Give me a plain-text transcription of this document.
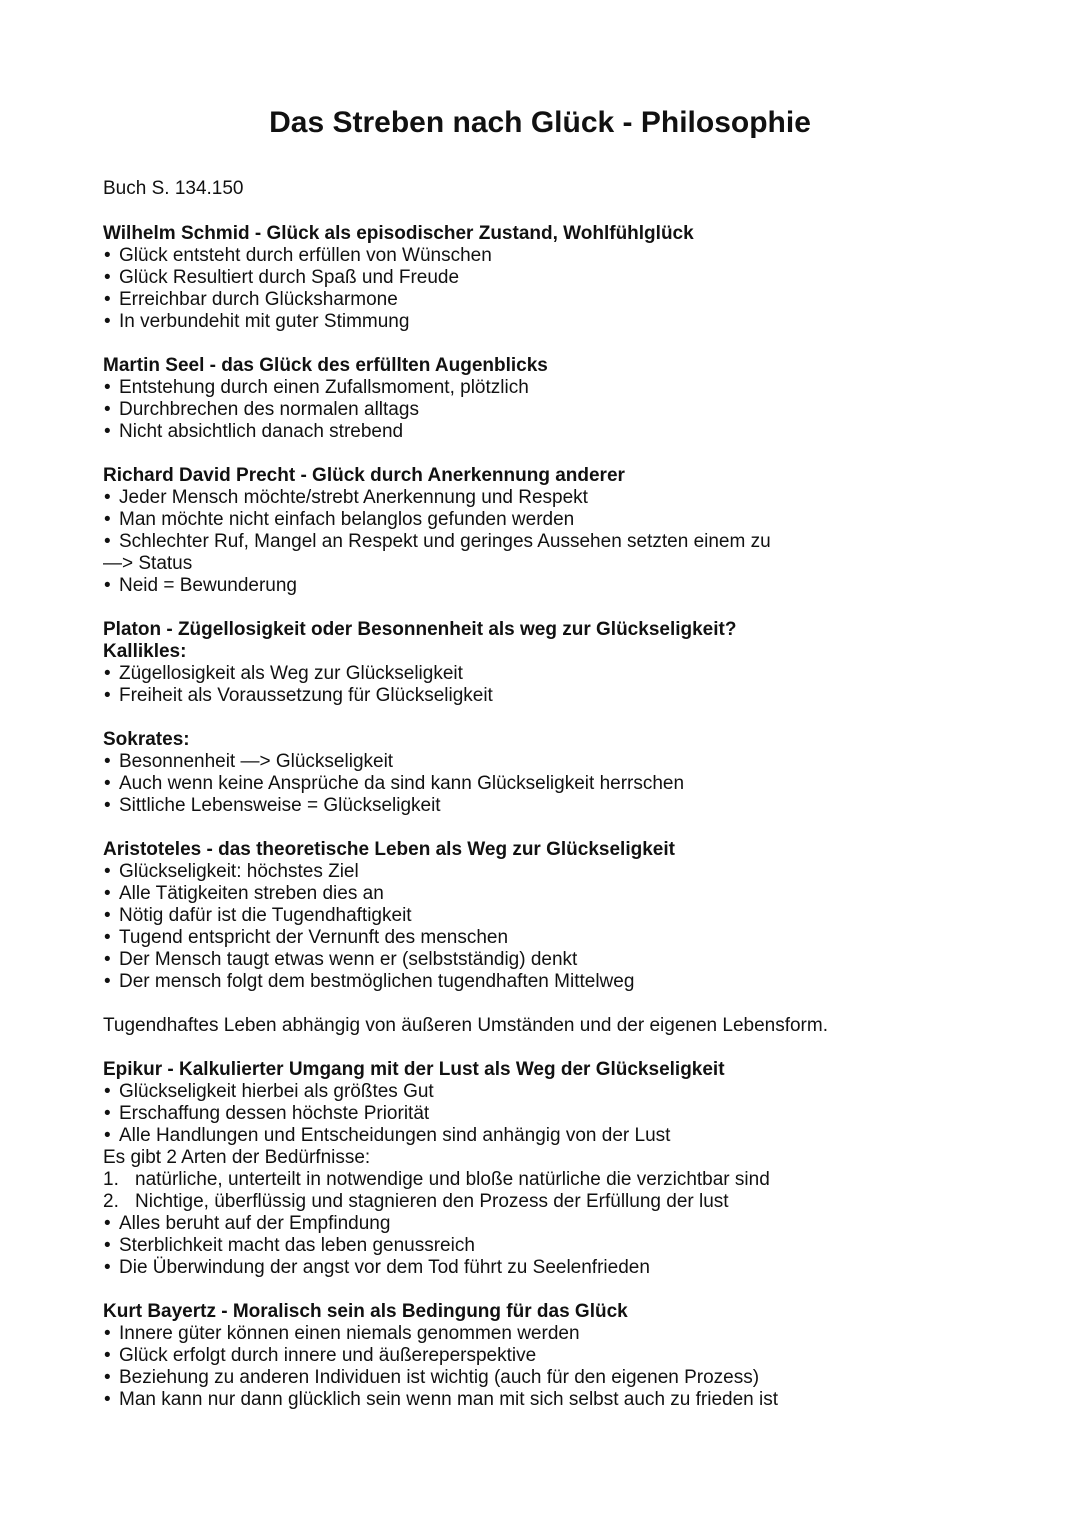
Das Streben nach Glück - Philosophie

Buch S. 134.150

Wilhelm Schmid - Glück als episodischer Zustand, Wohlfühlglück

• Glück entsteht durch erfüllen von Wünschen
• Glück Resultiert durch Spaß und Freude
• Erreichbar durch Glücksharmone
• In verbundehit mit guter Stimmung

Martin Seel - das Glück des erfüllten Augenblicks

• Entstehung durch einen Zufallsmoment, plötzlich
• Durchbrechen des normalen alltags
• Nicht absichtlich danach strebend

Richard David Precht - Glück durch Anerkennung anderer

• Jeder Mensch möchte/strebt Anerkennung und Respekt
• Man möchte nicht einfach belanglos gefunden werden
• Schlechter Ruf, Mangel an Respekt und geringes Aussehen setzten einem zu

—> Status

• Neid = Bewunderung

Platon - Zügellosigkeit oder Besonnenheit als weg zur Glückseligkeit?

Kallikles:

• Zügellosigkeit als Weg zur Glückseligkeit
• Freiheit als Voraussetzung für Glückseligkeit

Sokrates:

• Besonnenheit —> Glückseligkeit
• Auch wenn keine Ansprüche da sind kann Glückseligkeit herrschen
• Sittliche Lebensweise = Glückseligkeit

Aristoteles - das theoretische Leben als Weg zur Glückseligkeit

• Glückseligkeit: höchstes Ziel
• Alle Tätigkeiten streben dies an
• Nötig dafür ist die Tugendhaftigkeit
• Tugend entspricht der Vernunft des menschen
• Der Mensch taugt etwas wenn er (selbstständig) denkt
• Der mensch folgt dem bestmöglichen tugendhaften Mittelweg

Tugendhaftes Leben abhängig von äußeren Umständen und der eigenen Lebensform.

Epikur - Kalkulierter Umgang mit der Lust als Weg der Glückseligkeit

• Glückseligkeit hierbei als größtes Gut
• Erschaffung dessen höchste Priorität
• Alle Handlungen und Entscheidungen sind anhängig von der Lust

Es gibt 2 Arten der Bedürfnisse:

1. natürliche, unterteilt in notwendige und bloße natürliche die verzichtbar sind
2. Nichtige, überflüssig und stagnieren den Prozess der Erfüllung der lust
• Alles beruht auf der Empfindung
• Sterblichkeit macht das leben genussreich
• Die Überwindung der angst vor dem Tod führt zu Seelenfrieden

Kurt Bayertz - Moralisch sein als Bedingung für das Glück

• Innere güter können einen niemals genommen werden
• Glück erfolgt durch innere und äußereperspektive
• Beziehung zu anderen Individuen ist wichtig (auch für den eigenen Prozess)
• Man kann nur dann glücklich sein wenn man mit sich selbst auch zu frieden ist
